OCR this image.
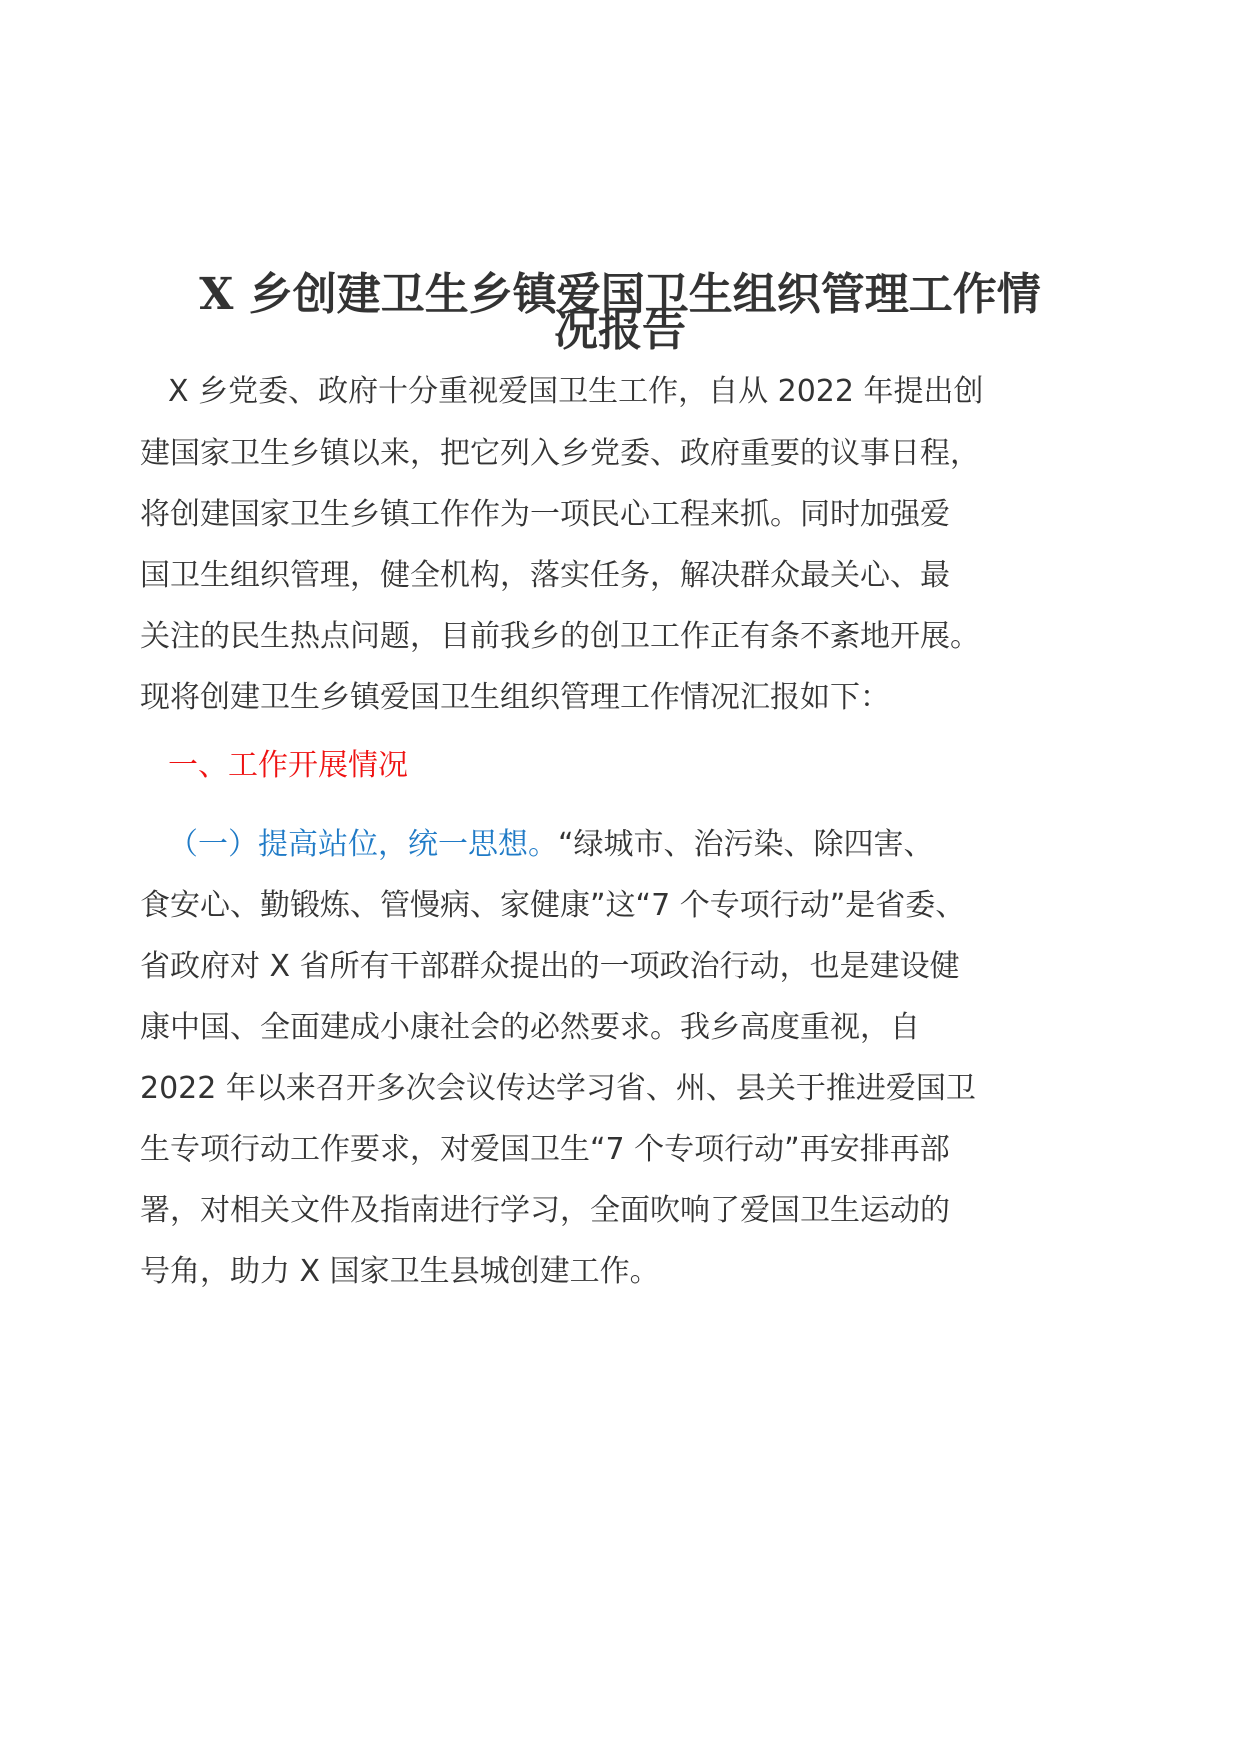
X 乡创建卫生乡镇爱国卫生组织管理工作情
况报告

X 乡党委、政府十分重视爱国卫生工作，自从 2022 年提出创

建国家卫生乡镇以来，把它列入乡党委、政府重要的议事日程，

将创建国家卫生乡镇工作作为一项民心工程来抓。同时加强爱

国卫生组织管理，健全机构，落实任务，解决群众最关心、最

关注的民生热点问题，目前我乡的创卫工作正有条不紊地开展。

现将创建卫生乡镇爱国卫生组织管理工作情况汇报如下：

一、工作开展情况

（一）提高站位，统一思想。“绿城市、治污染、除四害、

食安心、勤锻炼、管慢病、家健康”这“7 个专项行动”是省委、

省政府对 X 省所有干部群众提出的一项政治行动，也是建设健

康中国、全面建成小康社会的必然要求。我乡高度重视，自

2022 年以来召开多次会议传达学习省、州、县关于推进爱国卫

生专项行动工作要求，对爱国卫生“7 个专项行动”再安排再部

署，对相关文件及指南进行学习，全面吹响了爱国卫生运动的

号角，助力 X 国家卫生县城创建工作。
